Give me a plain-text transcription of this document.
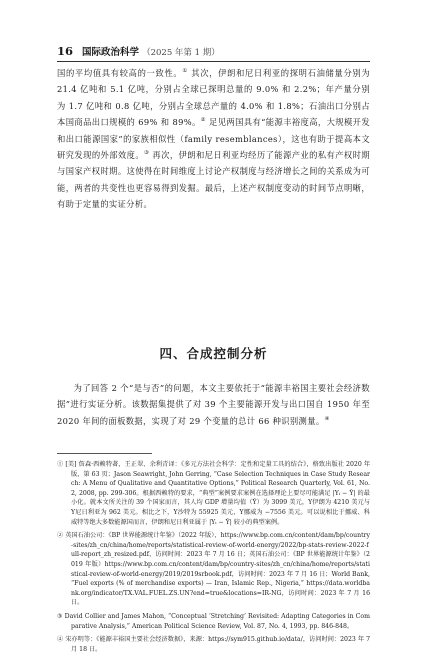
16 国际政治科学 （2025 年第 1 期）

国的平均值具有较高的一致性。① 其次，伊朗和尼日利亚的探明石油储量分别为 21.4 亿吨和 5.1 亿吨，分别占全球已探明总量的 9.0% 和 2.2%；年产量分别为 1.7 亿吨和 0.8 亿吨，分别占全球总产量的 4.0% 和 1.8%；石油出口分别占本国商品出口规模的 69% 和 89%。② 足见两国具有“能源丰裕度高，大规模开发和出口能源国家”的家族相似性（family resemblances），这也有助于提高本文研究发现的外部效度。③ 再次，伊朗和尼日利亚均经历了能源产业的私有产权时期与国家产权时期。这使得在时间维度上讨论产权制度与经济增长之间的关系成为可能，两者的共变性也更容易得到发掘。最后，上述产权制度变动的时间节点明晰，有助于定量的实证分析。

四、合成控制分析

为了回答 2 个“是与否”的问题，本文主要依托于“能源丰裕国主要社会经济数据”进行实证分析。该数据集提供了对 39 个主要能源开发与出口国自 1950 年至 2020 年间的面板数据，实现了对 29 个变量的总计 66 种识别测量。④

① [美] 詹森·西赖特著，王正翠、余利青译：《多元方法社会科学：定性和定量工具的结合》，格致出版社 2020 年版，第 63 页；Jason Seawright, John Gerring, “Case Selection Techniques in Case Study Research: A Menu of Qualitative and Quantitative Options,” Political Research Quarterly, Vol. 61, No. 2, 2008, pp. 299-306。根据西赖特的要求，“典型”案例要求案例在选择理论上要尽可能满足 |Yᵢ − Ŷ| 的最小化。就本文所关注的 39 个国家而言，其人均 GDP 增量均值（Ŷ）为 3099 美元，Y伊朗为 4210 美元与 Y尼日利亚为 962 美元。相比之下，Y沙特为 55925 美元，Y挪威为 −7556 美元。可以说相比于挪威、科威特等绝大多数能源国而言，伊朗和尼日利亚属于 |Yᵢ − Ŷ| 较小的典型案例。

② 英国石油公司：《BP 世界能源统计年鉴》（2022 年版），https://www.bp.com.cn/content/dam/bp/country-sites/zh_cn/china/home/reports/statistical-review-of-world-energy/2022/bp-stats-review-2022-full-report_zh_resized.pdf，访问时间：2023 年 7 月 16 日；英国石油公司：《BP 世界能源统计年鉴》（2019 年版）https://www.bp.com.cn/content/dam/bp/country-sites/zh_cn/china/home/reports/statistical-review-of-world-energy/2019/2019srbook.pdf，访问时间：2023 年 7 月 16 日；World Bank, “Fuel exports (% of merchandise exports) — Iran, Islamic Rep., Nigeria,” https://data.worldbank.org/indicator/TX.VAL.FUEL.ZS.UN?end=true&locations=IR-NG，访问时间：2023 年 7 月 16 日。

③ David Collier and James Mahon, “Conceptual ‘Stretching’ Revisited: Adapting Categories in Comparative Analysis,” American Political Science Review, Vol. 87, No. 4, 1993, pp. 846-848。

④ 宋亦明等：《能源丰裕国主要社会经济数据》，来源：https://sym915.github.io/data/，访问时间：2023 年 7 月 18 日。
